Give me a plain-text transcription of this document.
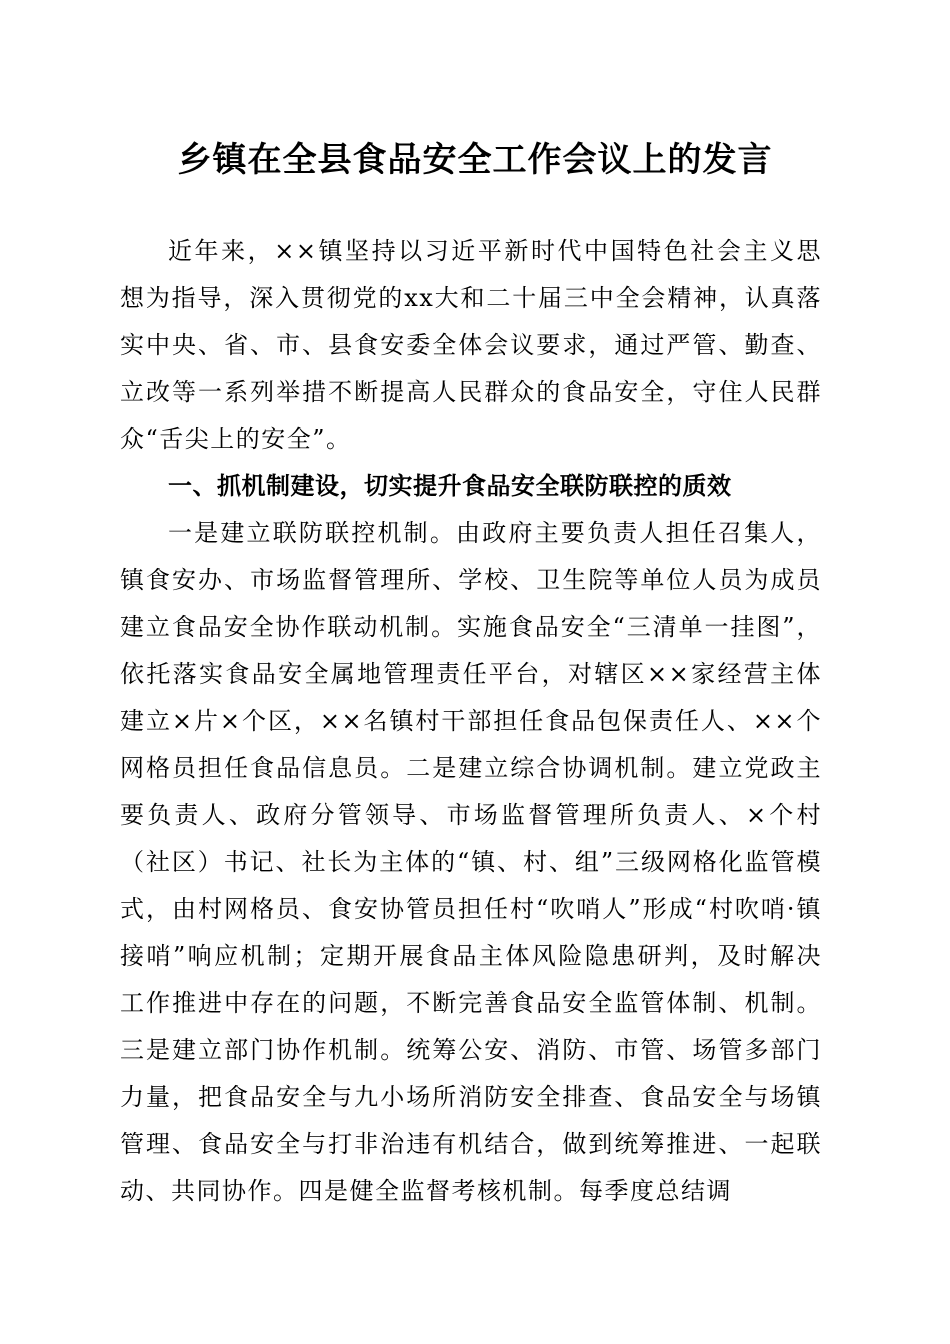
乡镇在全县食品安全工作会议上的发言

近年来，××镇坚持以习近平新时代中国特色社会主义思想为指导，深入贯彻党的xx大和二十届三中全会精神，认真落实中央、省、市、县食安委全体会议要求，通过严管、勤查、立改等一系列举措不断提高人民群众的食品安全，守住人民群众“舌尖上的安全”。

一、抓机制建设，切实提升食品安全联防联控的质效

一是建立联防联控机制。由政府主要负责人担任召集人，镇食安办、市场监督管理所、学校、卫生院等单位人员为成员建立食品安全协作联动机制。实施食品安全“三清单一挂图”，依托落实食品安全属地管理责任平台，对辖区××家经营主体建立×片×个区，××名镇村干部担任食品包保责任人、××个网格员担任食品信息员。二是建立综合协调机制。建立党政主要负责人、政府分管领导、市场监督管理所负责人、×个村（社区）书记、社长为主体的“镇、村、组”三级网格化监管模式，由村网格员、食安协管员担任村“吹哨人”形成“村吹哨·镇接哨”响应机制；定期开展食品主体风险隐患研判，及时解决工作推进中存在的问题，不断完善食品安全监管体制、机制。三是建立部门协作机制。统筹公安、消防、市管、场管多部门力量，把食品安全与九小场所消防安全排查、食品安全与场镇管理、食品安全与打非治违有机结合，做到统筹推进、一起联动、共同协作。四是健全监督考核机制。每季度总结调
